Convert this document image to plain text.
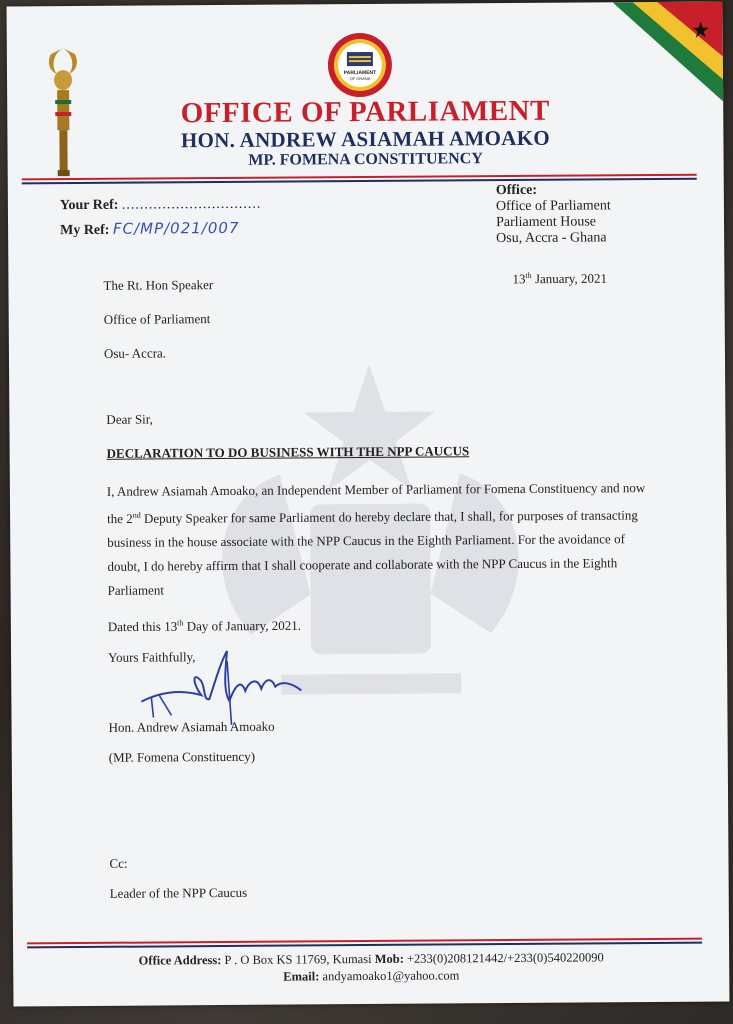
PARLIAMENT
OF GHANA
OFFICE OF PARLIAMENT
HON. ANDREW ASIAMAH AMOAKO
MP. FOMENA CONSTITUENCY
Your Ref: ...............................
My Ref: FC/MP/021/007
Office:
Office of Parliament
Parliament House
Osu, Accra - Ghana
13th January, 2021
The Rt. Hon Speaker
Office of Parliament
Osu- Accra.
Dear Sir,
DECLARATION TO DO BUSINESS WITH THE NPP CAUCUS
I, Andrew Asiamah Amoako, an Independent Member of Parliament for Fomena Constituency and now the 2nd Deputy Speaker for same Parliament do hereby declare that, I shall, for purposes of transacting business in the house associate with the NPP Caucus in the Eighth Parliament. For the avoidance of doubt, I do hereby affirm that I shall cooperate and collaborate with the NPP Caucus in the Eighth Parliament
Dated this 13th Day of January, 2021.
Yours Faithfully,
Hon. Andrew Asiamah Amoako
(MP. Fomena Constituency)
Cc:
Leader of the NPP Caucus
Office Address: P . O Box KS 11769, Kumasi Mob: +233(0)208121442/+233(0)540220090
Email: andyamoako1@yahoo.com
